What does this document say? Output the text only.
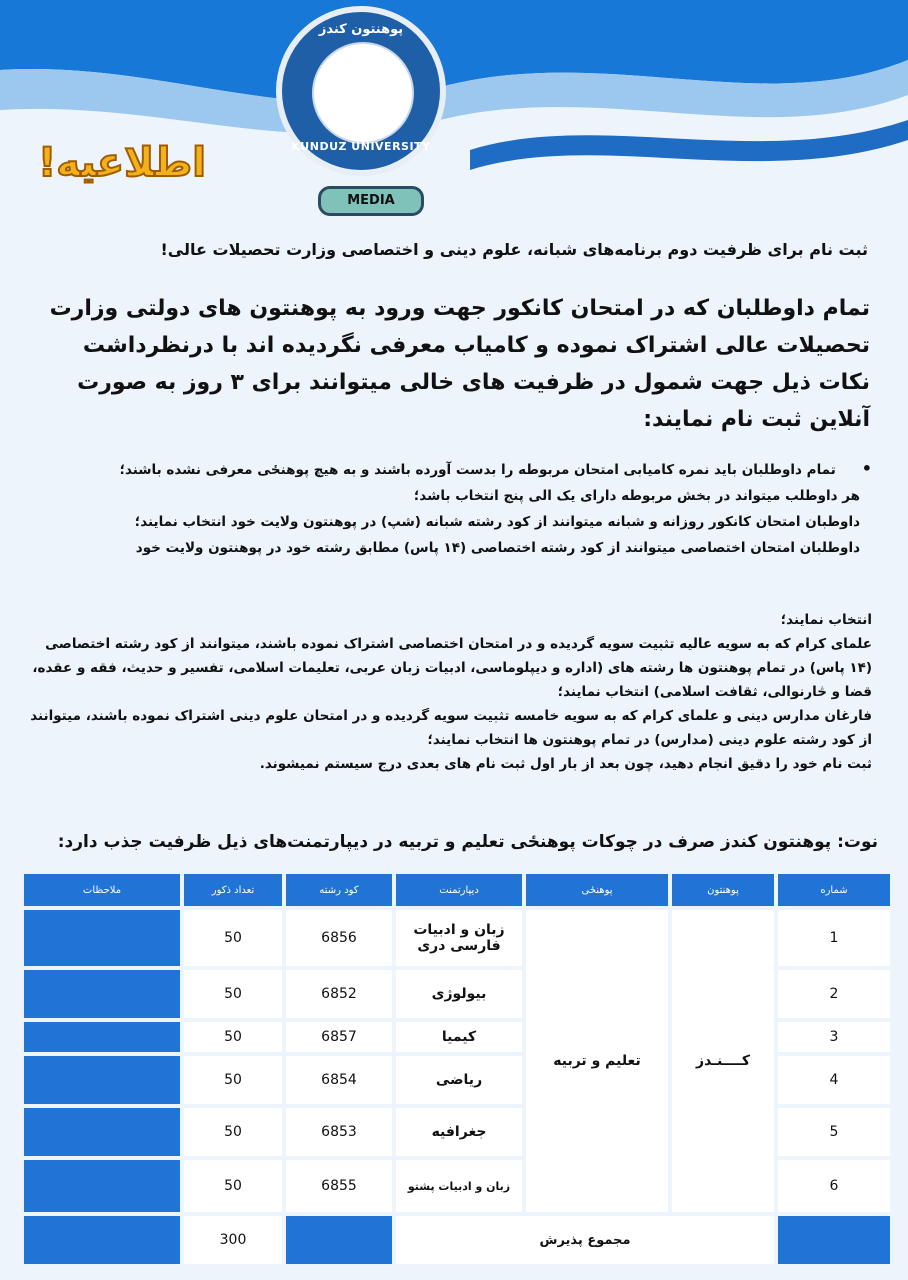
پوهنتون کندز
KUNDUZ UNIVERSITY
MEDIA
اطلاعیه!
ثبت نام برای ظرفیت دوم برنامه‌های شبانه، علوم دینی و اختصاصی وزارت تحصیلات عالی!
تمام داوطلبان که در امتحان کانکور جهت ورود به پوهنتون های دولتی وزارت تحصیلات عالی اشتراک نموده و کامیاب معرفی نگردیده اند با درنظرداشت نکات ذیل جهت شمول در ظرفیت های خالی میتوانند برای ۳ روز به صورت آنلاین ثبت نام نمایند:

• تمام داوطلبان باید نمره کامیابی امتحان مربوطه را بدست آورده باشند و به هیچ پوهنځی معرفی نشده باشند؛

هر داوطلب میتواند در بخش مربوطه دارای یک الی پنج انتخاب باشد؛

داوطبان امتحان کانکور روزانه و شبانه میتوانند از کود رشته شبانه (شپ) در پوهنتون ولایت خود انتخاب نمایند؛

داوطلبان امتحان اختصاصی میتوانند از کود رشته اختصاصی (۱۴ پاس) مطابق رشته خود در پوهنتون ولایت خود

انتخاب نمایند؛

علمای کرام که به سویه عالیه تثبیت سویه گردیده و در امتحان اختصاصی اشتراک نموده باشند، میتوانند از کود رشته اختصاصی (۱۴ پاس) در تمام پوهنتون ها رشته های (اداره و دیپلوماسی، ادبیات زبان عربی، تعلیمات اسلامی، تفسیر و حدیث، فقه و عقده، قضا و څارنوالی، ثقافت اسلامی) انتخاب نمایند؛

فارغان مدارس دینی و علمای کرام که به سویه خامسه تثبیت سویه گردیده و در امتحان علوم دینی اشتراک نموده باشند، میتوانند از کود رشته علوم دینی (مدارس) در تمام پوهنتون ها انتخاب نمایند؛

ثبت نام خود را دقیق انجام دهید، چون بعد از بار اول ثبت نام های بعدی درج سیستم نمیشوند.

نوت: پوهنتون کندز صرف در چوکات پوهنځی تعلیم و تربیه در دیپارتمنت‌های ذیل ظرفیت جذب دارد:
شماره	پوهنتون	پوهنځی	دیپارتمنت	کود رشته	تعداد ذکور	ملاحظات
1	کــــنـدز	تعلیم و تربیه	زبان و ادبیات فارسی دری	6856	50	
2			بیولوژی	6852	50	
3			کیمیا	6857	50	
4			ریاضی	6854	50	
5			جغرافیه	6853	50	
6			زبان و ادبیات پشتو	6855	50	
	مجموع پذیرش				300	
